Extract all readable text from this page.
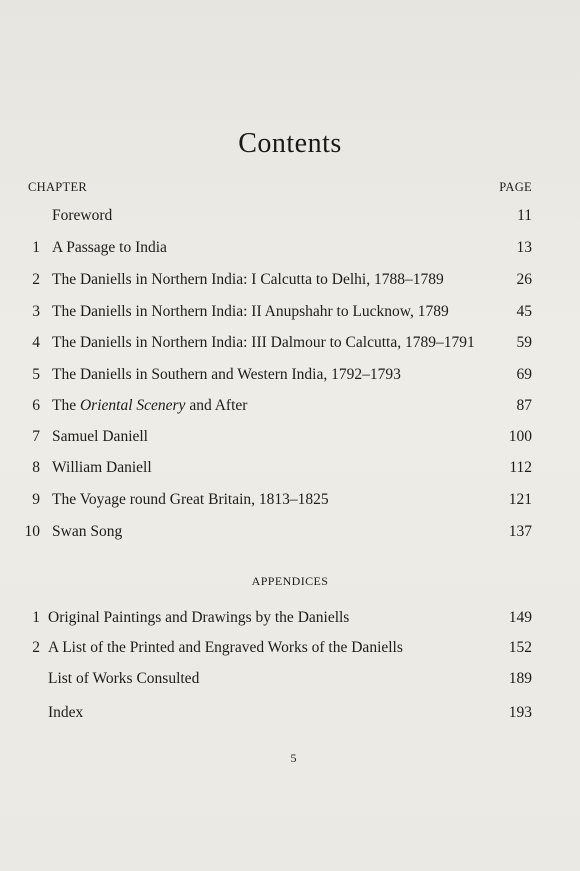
Contents
CHAPTER	PAGE
Foreword	11
1 A Passage to India	13
2 The Daniells in Northern India: I Calcutta to Delhi, 1788–1789	26
3 The Daniells in Northern India: II Anupshahr to Lucknow, 1789	45
4 The Daniells in Northern India: III Dalmour to Calcutta, 1789–1791	59
5 The Daniells in Southern and Western India, 1792–1793	69
6 The Oriental Scenery and After	87
7 Samuel Daniell	100
8 William Daniell	112
9 The Voyage round Great Britain, 1813–1825	121
10 Swan Song	137
APPENDICES
1 Original Paintings and Drawings by the Daniells	149
2 A List of the Printed and Engraved Works of the Daniells	152
List of Works Consulted	189
Index	193
5
